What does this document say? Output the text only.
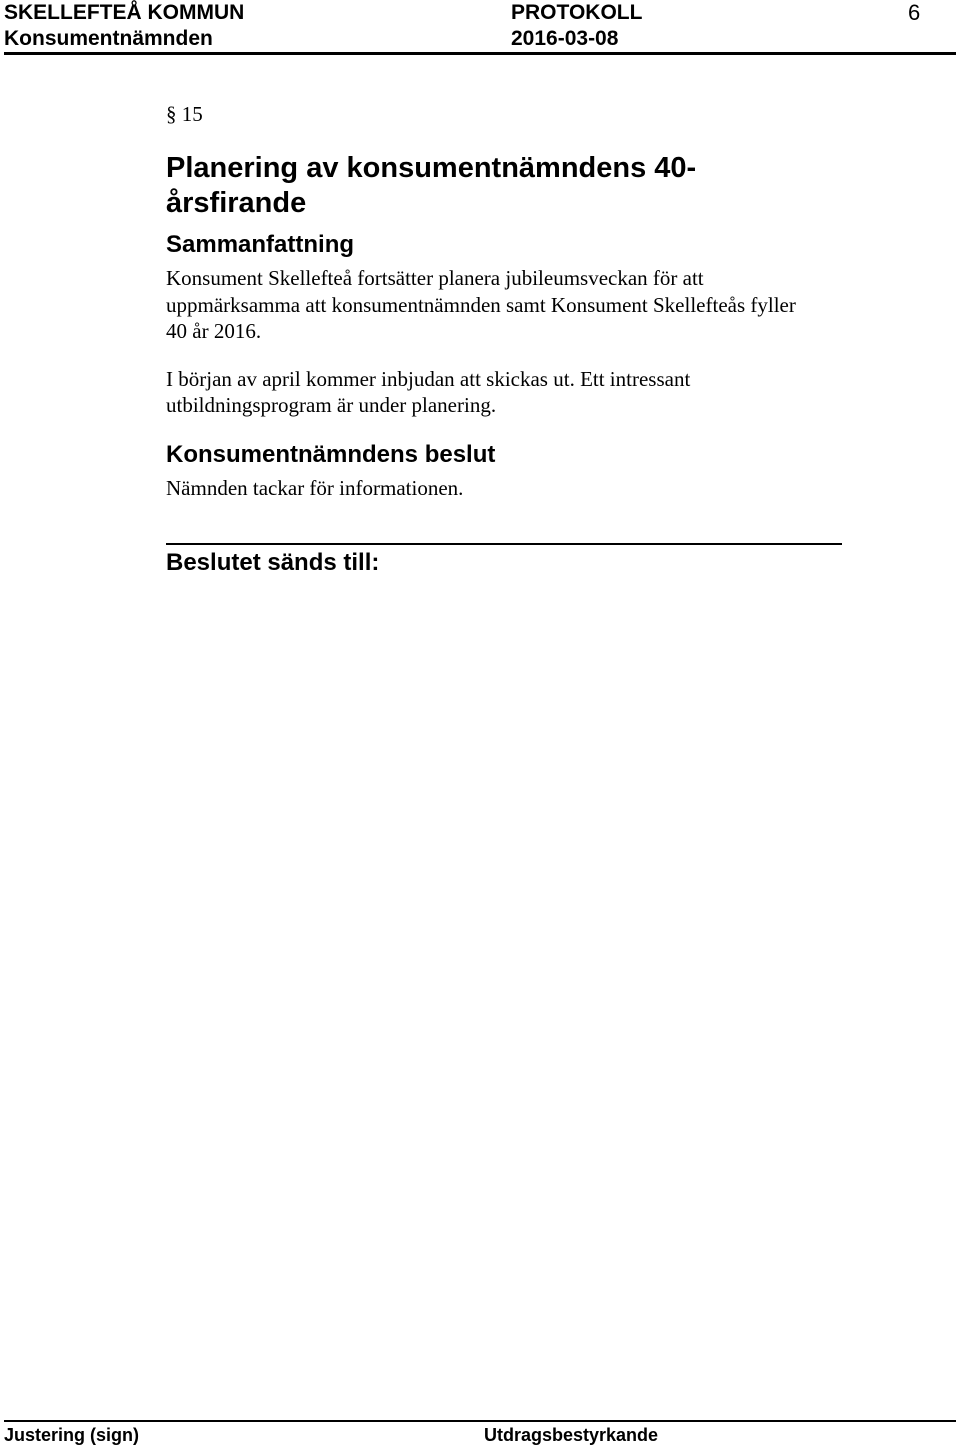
SKELLEFTEÅ KOMMUN	PROTOKOLL	6
Konsumentnämnden	2016-03-08
§ 15
Planering av konsumentnämndens 40-
årsfirande
Sammanfattning
Konsument Skellefteå fortsätter planera jubileumsveckan för att
uppmärksamma att konsumentnämnden samt Konsument Skellefteås fyller
40 år 2016.
I början av april kommer inbjudan att skickas ut. Ett intressant
utbildningsprogram är under planering.
Konsumentnämndens beslut
Nämnden tackar för informationen.
Beslutet sänds till:
Justering (sign)	Utdragsbestyrkande
